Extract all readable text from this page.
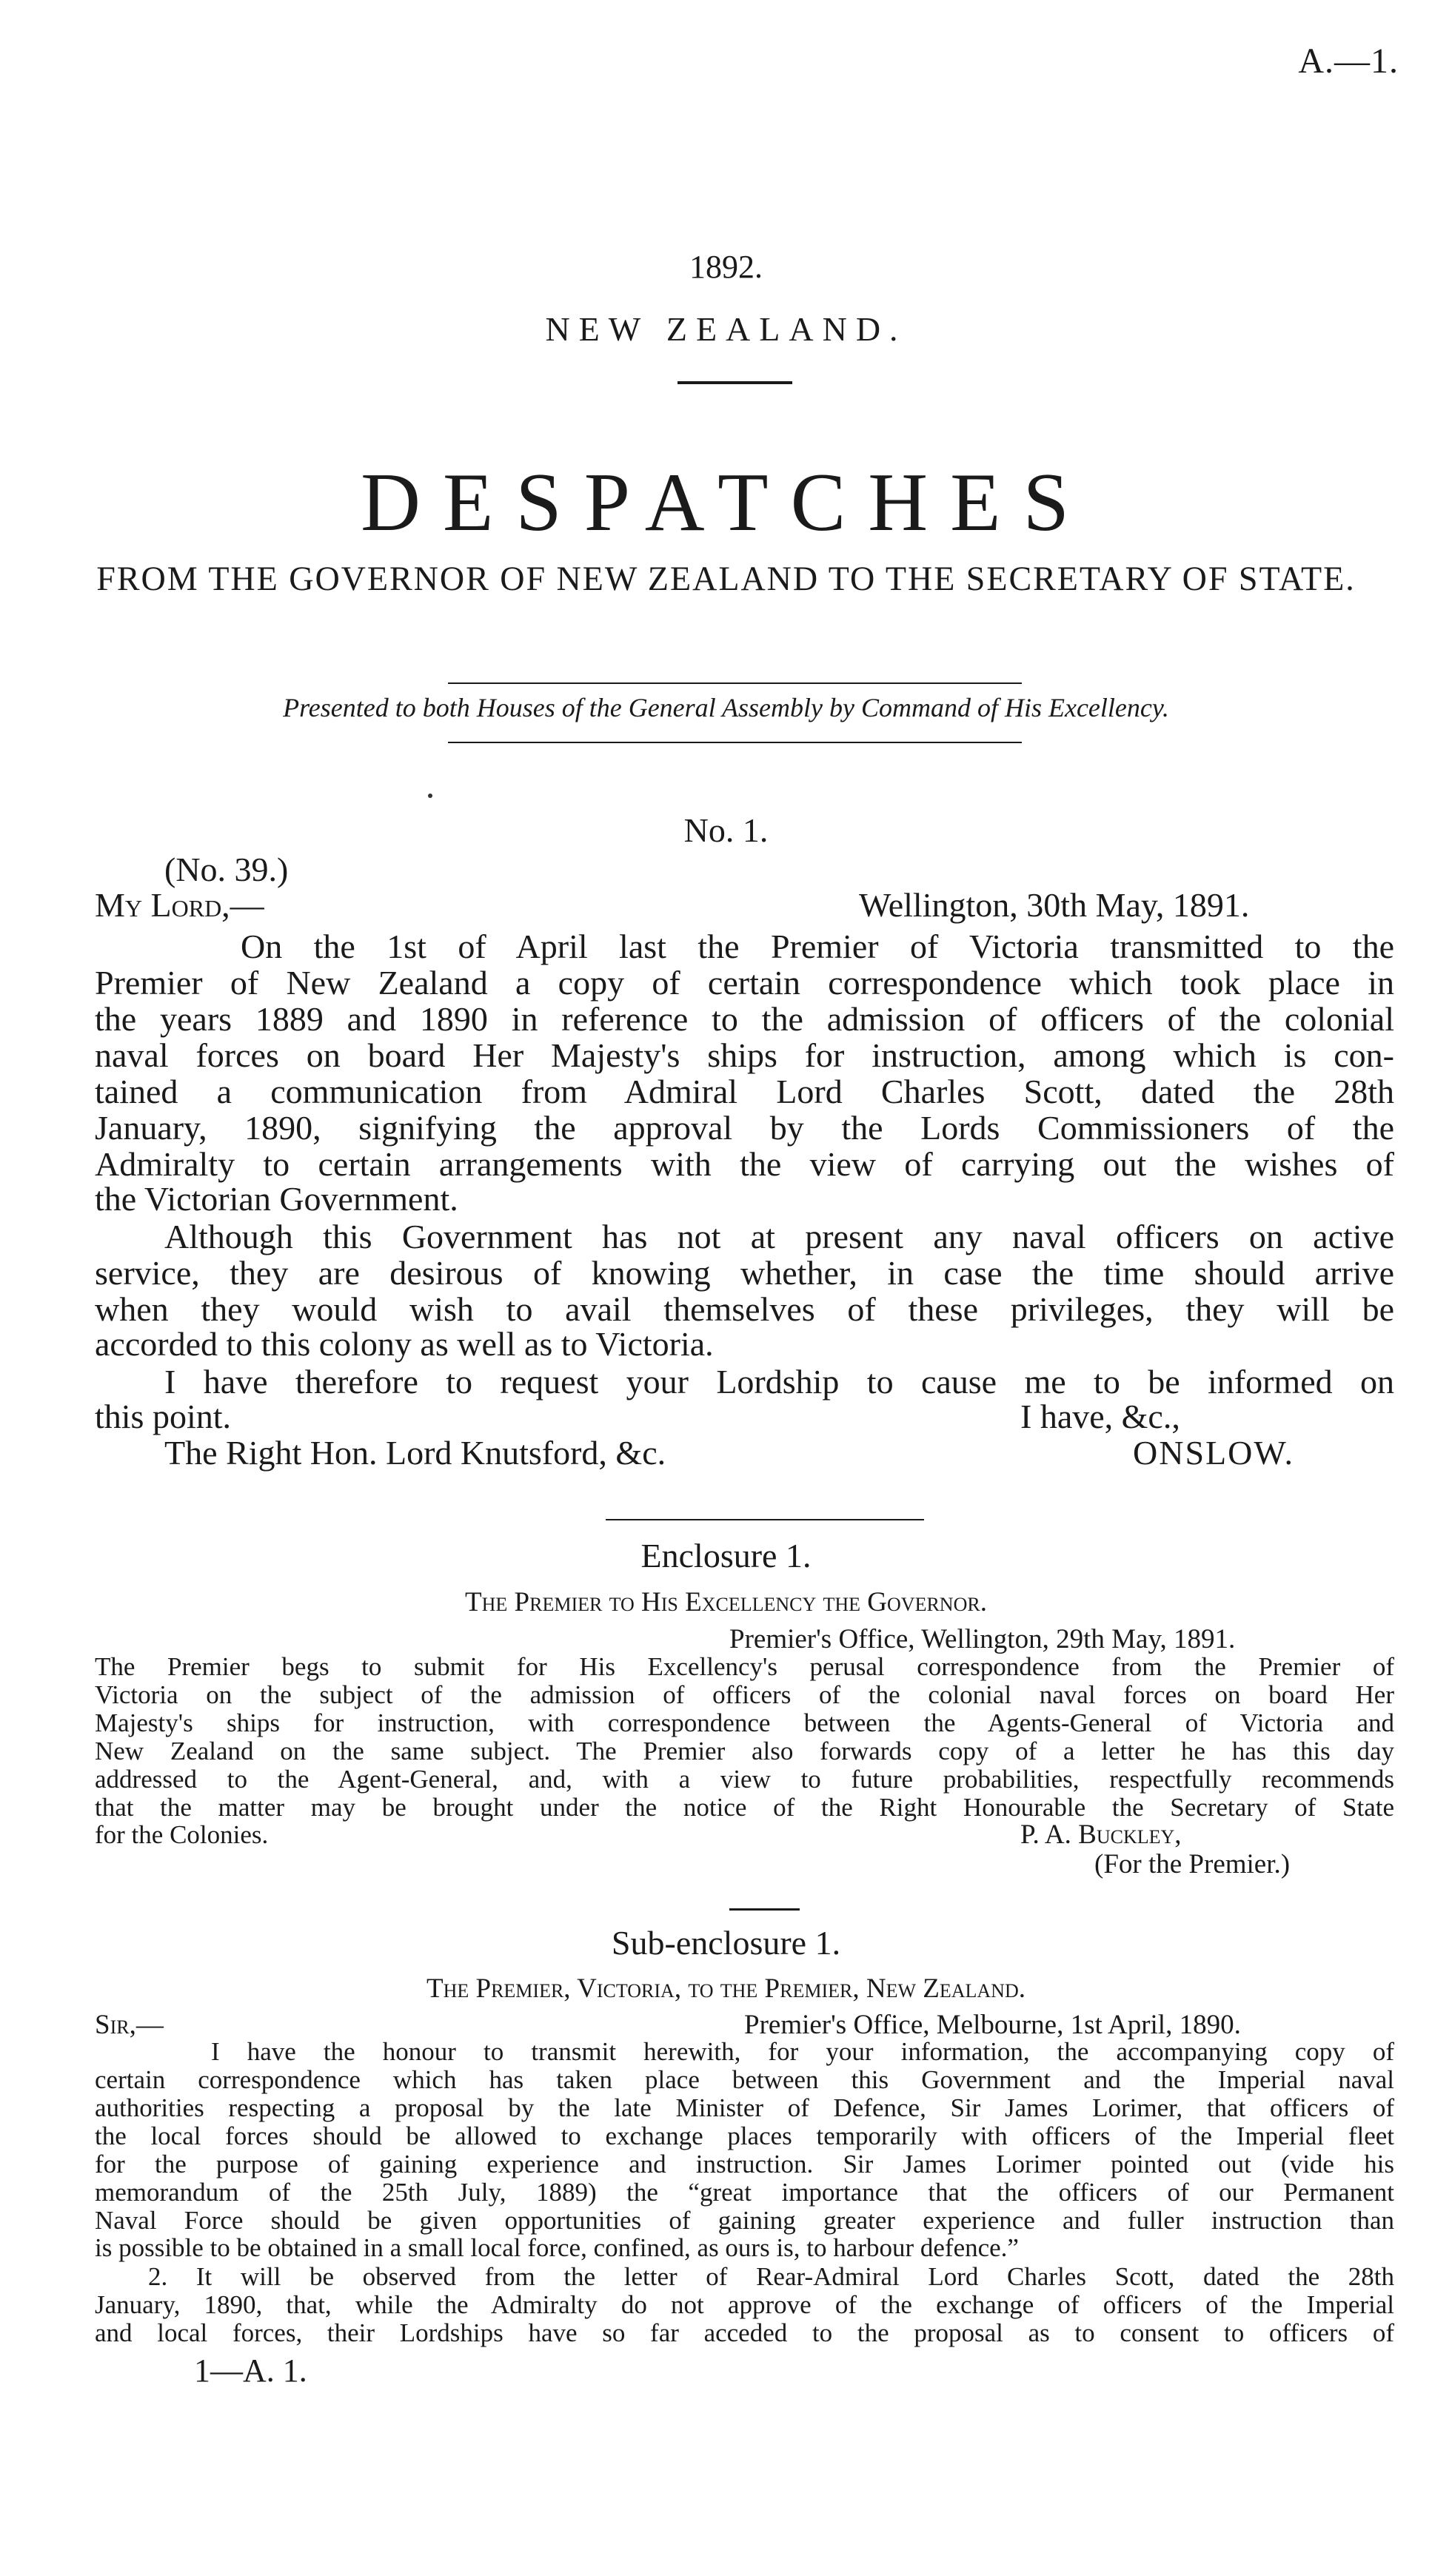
A.—1.
1892.
NEW ZEALAND.
DESPATCHES
FROM THE GOVERNOR OF NEW ZEALAND TO THE SECRETARY OF STATE.
Presented to both Houses of the General Assembly by Command of His Excellency.
No. 1.
(No. 39.)
My Lord,—	Wellington, 30th May, 1891.
On the 1st of April last the Premier of Victoria transmitted to the
Premier of New Zealand a copy of certain correspondence which took place in
the years 1889 and 1890 in reference to the admission of officers of the colonial
naval forces on board Her Majesty's ships for instruction, among which is con-
tained a communication from Admiral Lord Charles Scott, dated the 28th
January, 1890, signifying the approval by the Lords Commissioners of the
Admiralty to certain arrangements with the view of carrying out the wishes of
the Victorian Government.
Although this Government has not at present any naval officers on active
service, they are desirous of knowing whether, in case the time should arrive
when they would wish to avail themselves of these privileges, they will be
accorded to this colony as well as to Victoria.
I have therefore to request your Lordship to cause me to be informed on
this point.	I have, &c.,
The Right Hon. Lord Knutsford, &c.	ONSLOW.
Enclosure 1.
The Premier to His Excellency the Governor.
Premier's Office, Wellington, 29th May, 1891.
The Premier begs to submit for His Excellency's perusal correspondence from the Premier of
Victoria on the subject of the admission of officers of the colonial naval forces on board Her
Majesty's ships for instruction, with correspondence between the Agents-General of Victoria and
New Zealand on the same subject. The Premier also forwards copy of a letter he has this day
addressed to the Agent-General, and, with a view to future probabilities, respectfully recommends
that the matter may be brought under the notice of the Right Honourable the Secretary of State
for the Colonies.	P. A. Buckley,
(For the Premier.)
Sub-enclosure 1.
The Premier, Victoria, to the Premier, New Zealand.
Sir,—	Premier's Office, Melbourne, 1st April, 1890.
I have the honour to transmit herewith, for your information, the accompanying copy of
certain correspondence which has taken place between this Government and the Imperial naval
authorities respecting a proposal by the late Minister of Defence, Sir James Lorimer, that officers of
the local forces should be allowed to exchange places temporarily with officers of the Imperial fleet
for the purpose of gaining experience and instruction. Sir James Lorimer pointed out (vide his
memorandum of the 25th July, 1889) the “great importance that the officers of our Permanent
Naval Force should be given opportunities of gaining greater experience and fuller instruction than
is possible to be obtained in a small local force, confined, as ours is, to harbour defence.”
2. It will be observed from the letter of Rear-Admiral Lord Charles Scott, dated the 28th
January, 1890, that, while the Admiralty do not approve of the exchange of officers of the Imperial
and local forces, their Lordships have so far acceded to the proposal as to consent to officers of
1—A. 1.
